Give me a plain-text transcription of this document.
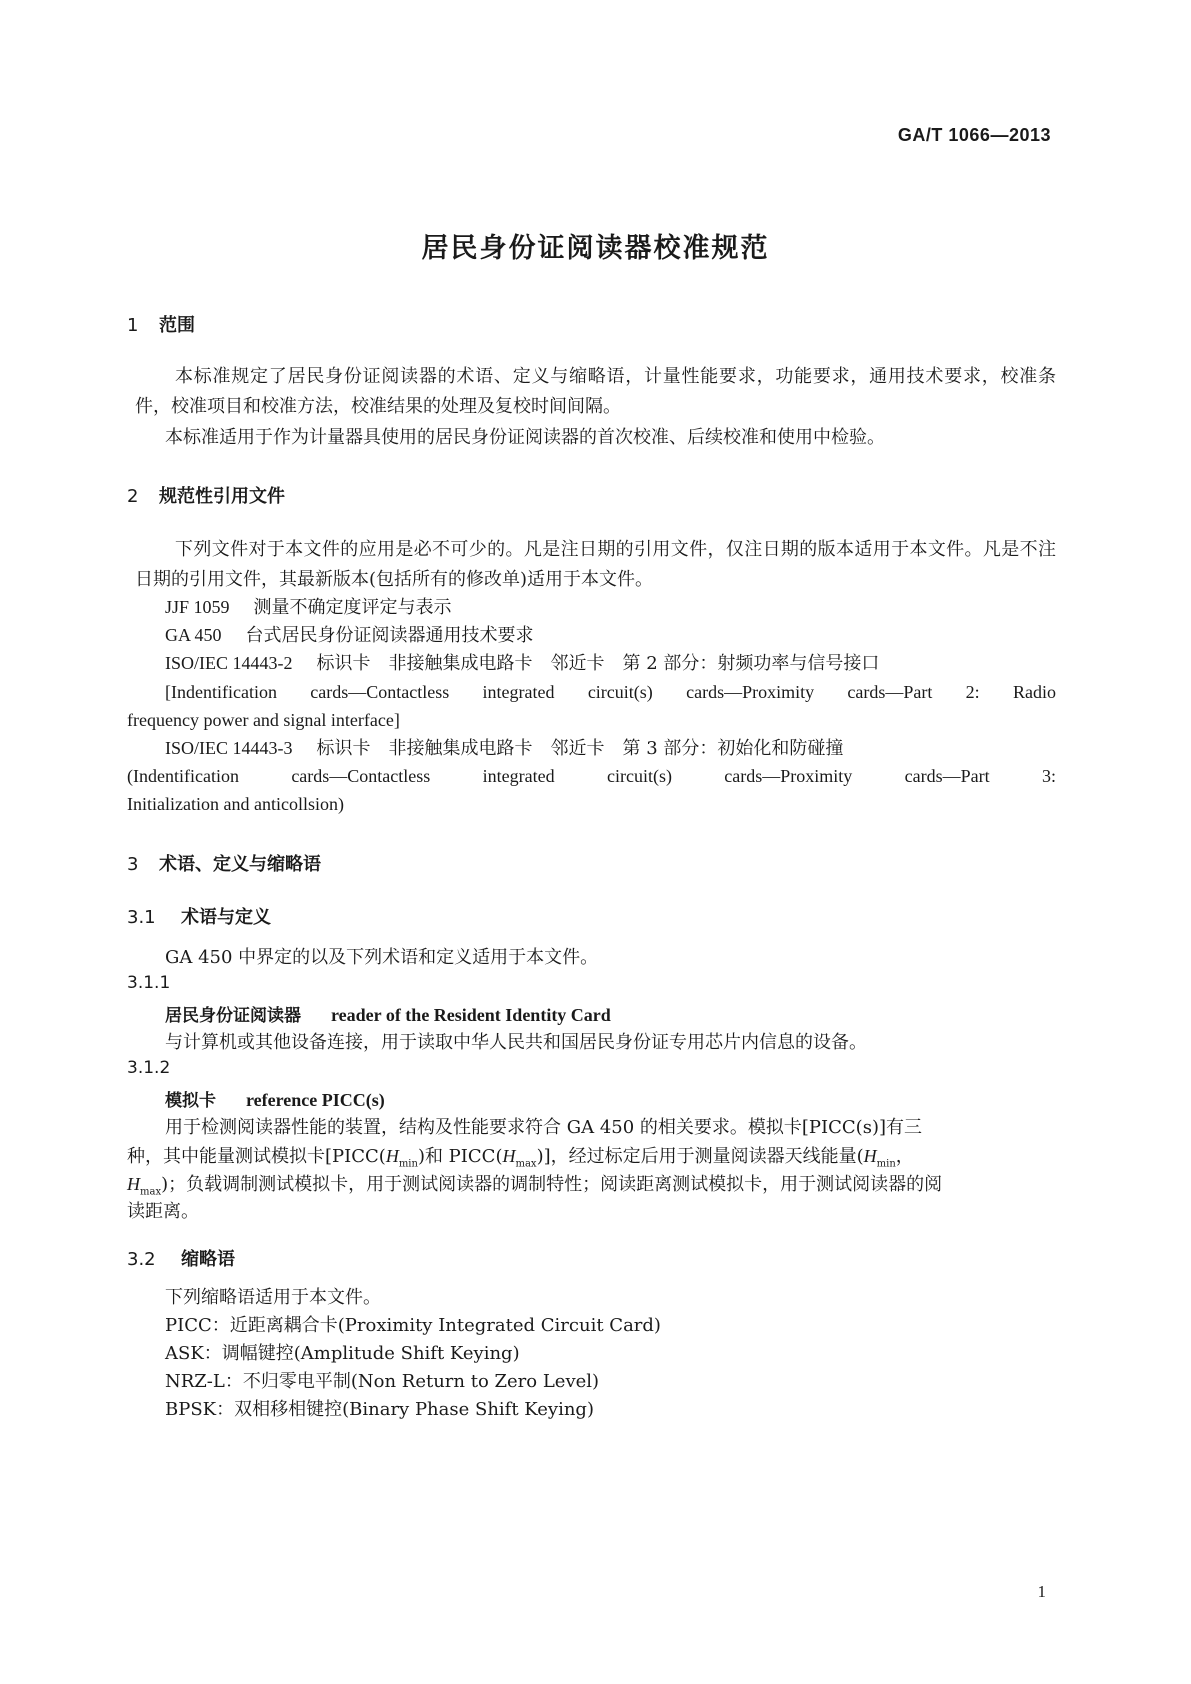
GA/T 1066—2013
居民身份证阅读器校准规范
1 范围
本标准规定了居民身份证阅读器的术语、定义与缩略语，计量性能要求，功能要求，通用技术要求，校准条件，校准项目和校准方法，校准结果的处理及复校时间间隔。
本标准适用于作为计量器具使用的居民身份证阅读器的首次校准、后续校准和使用中检验。
2 规范性引用文件
下列文件对于本文件的应用是必不可少的。凡是注日期的引用文件，仅注日期的版本适用于本文件。凡是不注日期的引用文件，其最新版本(包括所有的修改单)适用于本文件。
JJF 1059 测量不确定度评定与表示
GA 450 台式居民身份证阅读器通用技术要求
ISO/IEC 14443-2 标识卡　非接触集成电路卡　邻近卡　第 2 部分：射频功率与信号接口
[Indentification cards—Contactless integrated circuit(s) cards—Proximity cards—Part 2: Radio
frequency power and signal interface]
ISO/IEC 14443-3 标识卡　非接触集成电路卡　邻近卡　第 3 部分：初始化和防碰撞
(Indentification cards—Contactless integrated circuit(s) cards—Proximity cards—Part 3:
Initialization and anticollsion)
3 术语、定义与缩略语
3.1 术语与定义
GA 450 中界定的以及下列术语和定义适用于本文件。
3.1.1
居民身份证阅读器 reader of the Resident Identity Card
与计算机或其他设备连接，用于读取中华人民共和国居民身份证专用芯片内信息的设备。
3.1.2
模拟卡 reference PICC(s)
用于检测阅读器性能的装置，结构及性能要求符合 GA 450 的相关要求。模拟卡[PICC(s)]有三
种，其中能量测试模拟卡[$PICC(H_{min})$和 $PICC(H_{max})$]，经过标定后用于测量阅读器天线能量($H_{min}$，
$H_{max}$)；负载调制测试模拟卡，用于测试阅读器的调制特性；阅读距离测试模拟卡，用于测试阅读器的阅
读距离。
3.2 缩略语
下列缩略语适用于本文件。
PICC：近距离耦合卡(Proximity Integrated Circuit Card)
ASK：调幅键控(Amplitude Shift Keying)
NRZ-L：不归零电平制(Non Return to Zero Level)
BPSK：双相移相键控(Binary Phase Shift Keying)
1
